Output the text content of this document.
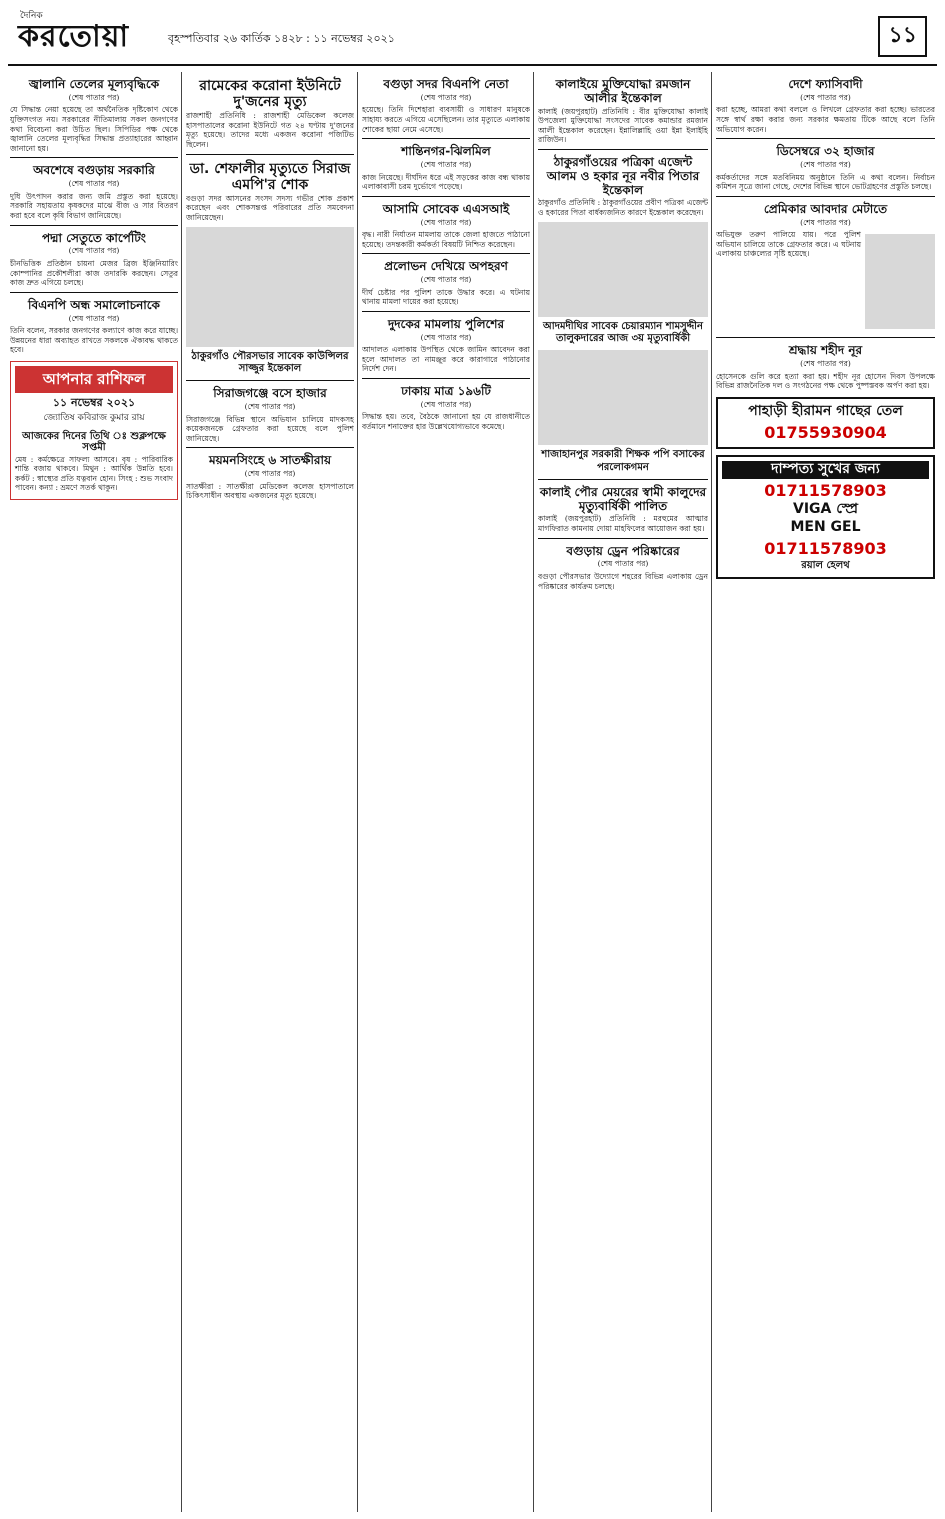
দৈনিক
করতোয়া	বৃহস্পতিবার ২৬ কার্তিক ১৪২৮ : ১১ নভেম্বর ২০২১	১১
জ্বালানি তেলের মূল্যবৃদ্ধিকে
(শেষ পাতার পর)

যে সিদ্ধান্ত নেয়া হয়েছে তা অর্থনৈতিক দৃষ্টিকোণ থেকে যুক্তিসংগত নয়। সরকারের নীতিমালায় সকল জনগণের কথা বিবেচনা করা উচিত ছিল। সিপিডির পক্ষ থেকে জ্বালানি তেলের মূল্যবৃদ্ধির সিদ্ধান্ত প্রত্যাহারের আহ্বান জানানো হয়।

অবশেষে বগুড়ায় সরকারি
(শেষ পাতার পর)

দুধি উৎপাদন করার জন্য জমি প্রস্তুত করা হয়েছে। সরকারি সহায়তায় কৃষকদের মাঝে বীজ ও সার বিতরণ করা হবে বলে কৃষি বিভাগ জানিয়েছে।

পদ্মা সেতুতে কার্পেটিং
(শেষ পাতার পর)

চীনভিত্তিক প্রতিষ্ঠান চায়না মেজর ব্রিজ ইঞ্জিনিয়ারিং কোম্পানির প্রকৌশলীরা কাজ তদারকি করছেন। সেতুর কাজ দ্রুত এগিয়ে চলছে।

বিএনপি অন্ধ সমালোচনাকে
(শেষ পাতার পর)

তিনি বলেন, সরকার জনগণের কল্যাণে কাজ করে যাচ্ছে। উন্নয়নের ধারা অব্যাহত রাখতে সকলকে ঐক্যবদ্ধ থাকতে হবে।

আপনার রাশিফল
১১ নভেম্বর ২০২১
জ্যোতিষ কবিরাজ কুমার রায়
আজকের দিনের তিথি ঃ শুক্লপক্ষে সপ্তমী

মেষ : কর্মক্ষেত্রে সাফল্য আসবে। বৃষ : পারিবারিক শান্তি বজায় থাকবে। মিথুন : আর্থিক উন্নতি হবে। কর্কট : স্বাস্থ্যের প্রতি যত্নবান হোন। সিংহ : শুভ সংবাদ পাবেন। কন্যা : ভ্রমণে সতর্ক থাকুন।

রামেকের করোনা ইউনিটে দু'জনের মৃত্যু

রাজশাহী প্রতিনিধি : রাজশাহী মেডিকেল কলেজ হাসপাতালের করোনা ইউনিটে গত ২৪ ঘণ্টায় দু'জনের মৃত্যু হয়েছে। তাদের মধ্যে একজন করোনা পজিটিভ ছিলেন।

ডা. শেফালীর মৃত্যুতে সিরাজ এমপি'র শোক

বগুড়া সদর আসনের সংসদ সদস্য গভীর শোক প্রকাশ করেছেন এবং শোকসন্তপ্ত পরিবারের প্রতি সমবেদনা জানিয়েছেন।

ঠাকুরগাঁও পৌরসভার সাবেক কাউন্সিলর সাজ্জুর ইন্তেকাল
সিরাজগঞ্জে বসে হাজার
(শেষ পাতার পর)

সিরাজগঞ্জে বিভিন্ন স্থানে অভিযান চালিয়ে মাদকসহ কয়েকজনকে গ্রেফতার করা হয়েছে বলে পুলিশ জানিয়েছে।

ময়মনসিংহে ৬ সাতক্ষীরায়
(শেষ পাতার পর)

সাতক্ষীরা : সাতক্ষীরা মেডিকেল কলেজ হাসপাতালে চিকিৎসাধীন অবস্থায় একজনের মৃত্যু হয়েছে।

বগুড়া সদর বিএনপি নেতা
(শেষ পাতার পর)

হয়েছে। তিনি দিশেহারা ব্যবসায়ী ও সাধারণ মানুষকে সাহায্য করতে এগিয়ে এসেছিলেন। তার মৃত্যুতে এলাকায় শোকের ছায়া নেমে এসেছে।

শান্তিনগর-ঝিলমিল
(শেষ পাতার পর)

কাজ নিয়েছে। দীর্ঘদিন ধরে এই সড়কের কাজ বন্ধ থাকায় এলাকাবাসী চরম দুর্ভোগে পড়েছে।

আসামি সোবেক এএসআই
(শেষ পাতার পর)

বৃদ্ধ। নারী নির্যাতন মামলায় তাকে জেলা হাজতে পাঠানো হয়েছে। তদন্তকারী কর্মকর্তা বিষয়টি নিশ্চিত করেছেন।

প্রলোভন দেখিয়ে অপহরণ
(শেষ পাতার পর)

দীর্ঘ চেষ্টার পর পুলিশ তাকে উদ্ধার করে। এ ঘটনায় থানায় মামলা দায়ের করা হয়েছে।

দুদকের মামলায় পুলিশের
(শেষ পাতার পর)

আদালত এলাকায় উপস্থিত থেকে জামিন আবেদন করা হলে আদালত তা নামঞ্জুর করে কারাগারে পাঠানোর নির্দেশ দেন।

ঢাকায় মাত্র ১৯৬টি
(শেষ পাতার পর)

সিদ্ধান্ত হয়। তবে, বৈঠকে জানানো হয় যে রাজধানীতে বর্তমানে শনাক্তের হার উল্লেখযোগ্যভাবে কমেছে।

কালাইয়ে মুক্তিযোদ্ধা রমজান আলীর ইন্তেকাল

কালাই (জয়পুরহাট) প্রতিনিধি : বীর মুক্তিযোদ্ধা কালাই উপজেলা মুক্তিযোদ্ধা সংসদের সাবেক কমান্ডার রমজান আলী ইন্তেকাল করেছেন। ইন্নালিল্লাহি ওয়া ইন্না ইলাইহি রাজিউন।

ঠাকুরগাঁওয়ের পত্রিকা এজেন্ট আলম ও হকার নূর নবীর পিতার ইন্তেকাল

ঠাকুরগাঁও প্রতিনিধি : ঠাকুরগাঁওয়ের প্রবীণ পত্রিকা এজেন্ট ও হকারের পিতা বার্ধক্যজনিত কারণে ইন্তেকাল করেছেন।

আদমদীঘির সাবেক চেয়ারম্যান শামসুদ্দীন তালুকদারের আজ ৩য় মৃত্যুবার্ষিকী
শাজাহানপুর সরকারী শিক্ষক পপি বসাকের পরলোকগমন
কালাই পৌর মেয়রের স্বামী কালুদের মৃত্যুবার্ষিকী পালিত

কালাই (জয়পুরহাট) প্রতিনিধি : মরহুমের আত্মার মাগফিরাত কামনায় দোয়া মাহফিলের আয়োজন করা হয়।

বগুড়ায় ড্রেন পরিষ্কারের
(শেষ পাতার পর)

বগুড়া পৌরসভার উদ্যোগে শহরের বিভিন্ন এলাকায় ড্রেন পরিষ্কারের কার্যক্রম চলছে।

দেশে ফ্যাসিবাদী
(শেষ পাতার পর)

করা হচ্ছে, আমরা কথা বললে ও লিখলে গ্রেফতার করা হচ্ছে। ভারতের সঙ্গে স্বার্থ রক্ষা করার জন্য সরকার ক্ষমতায় টিকে আছে বলে তিনি অভিযোগ করেন।

ডিসেম্বরে ৩২ হাজার
(শেষ পাতার পর)

কর্মকর্তাদের সঙ্গে মতবিনিময় অনুষ্ঠানে তিনি এ কথা বলেন। নির্বাচন কমিশন সূত্রে জানা গেছে, দেশের বিভিন্ন স্থানে ভোটগ্রহণের প্রস্তুতি চলছে।

প্রেমিকার আবদার মেটাতে
(শেষ পাতার পর)

অভিযুক্ত তরুণ পালিয়ে যায়। পরে পুলিশ অভিযান চালিয়ে তাকে গ্রেফতার করে। এ ঘটনায় এলাকায় চাঞ্চল্যের সৃষ্টি হয়েছে।

শ্রদ্ধায় শহীদ নূর
(শেষ পাতার পর)

হোসেনকে গুলি করে হত্যা করা হয়। শহীদ নূর হোসেন দিবস উপলক্ষে বিভিন্ন রাজনৈতিক দল ও সংগঠনের পক্ষ থেকে পুষ্পস্তবক অর্পণ করা হয়।

পাহাড়ী হীরামন গাছের তেল
01755930904
দাম্পত্য সুখের জন্য
01711578903
VIGA স্প্রে
MEN GEL
01711578903
রয়াল হেলথ
